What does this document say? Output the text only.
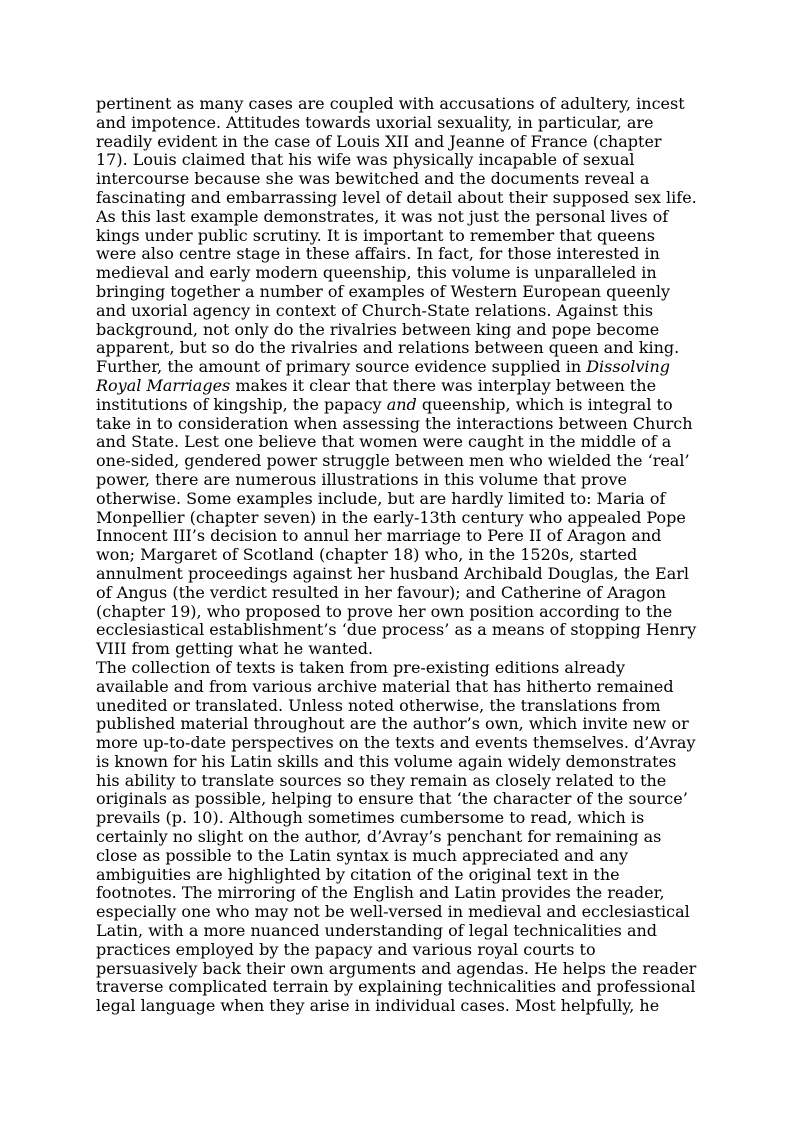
pertinent as many cases are coupled with accusations of adultery, incest
and impotence. Attitudes towards uxorial sexuality, in particular, are
readily evident in the case of Louis XII and Jeanne of France (chapter
17). Louis claimed that his wife was physically incapable of sexual
intercourse because she was bewitched and the documents reveal a
fascinating and embarrassing level of detail about their supposed sex life.
As this last example demonstrates, it was not just the personal lives of
kings under public scrutiny. It is important to remember that queens
were also centre stage in these affairs. In fact, for those interested in
medieval and early modern queenship, this volume is unparalleled in
bringing together a number of examples of Western European queenly
and uxorial agency in context of Church-State relations. Against this
background, not only do the rivalries between king and pope become
apparent, but so do the rivalries and relations between queen and king.
Further, the amount of primary source evidence supplied in Dissolving
Royal Marriages makes it clear that there was interplay between the
institutions of kingship, the papacy and queenship, which is integral to
take in to consideration when assessing the interactions between Church
and State. Lest one believe that women were caught in the middle of a
one-sided, gendered power struggle between men who wielded the ‘real’
power, there are numerous illustrations in this volume that prove
otherwise. Some examples include, but are hardly limited to: Maria of
Monpellier (chapter seven) in the early-13th century who appealed Pope
Innocent III’s decision to annul her marriage to Pere II of Aragon and
won; Margaret of Scotland (chapter 18) who, in the 1520s, started
annulment proceedings against her husband Archibald Douglas, the Earl
of Angus (the verdict resulted in her favour); and Catherine of Aragon
(chapter 19), who proposed to prove her own position according to the
ecclesiastical establishment’s ‘due process’ as a means of stopping Henry
VIII from getting what he wanted.
The collection of texts is taken from pre-existing editions already
available and from various archive material that has hitherto remained
unedited or translated. Unless noted otherwise, the translations from
published material throughout are the author’s own, which invite new or
more up-to-date perspectives on the texts and events themselves. d’Avray
is known for his Latin skills and this volume again widely demonstrates
his ability to translate sources so they remain as closely related to the
originals as possible, helping to ensure that ‘the character of the source’
prevails (p. 10). Although sometimes cumbersome to read, which is
certainly no slight on the author, d’Avray’s penchant for remaining as
close as possible to the Latin syntax is much appreciated and any
ambiguities are highlighted by citation of the original text in the
footnotes. The mirroring of the English and Latin provides the reader,
especially one who may not be well-versed in medieval and ecclesiastical
Latin, with a more nuanced understanding of legal technicalities and
practices employed by the papacy and various royal courts to
persuasively back their own arguments and agendas. He helps the reader
traverse complicated terrain by explaining technicalities and professional
legal language when they arise in individual cases. Most helpfully, he
